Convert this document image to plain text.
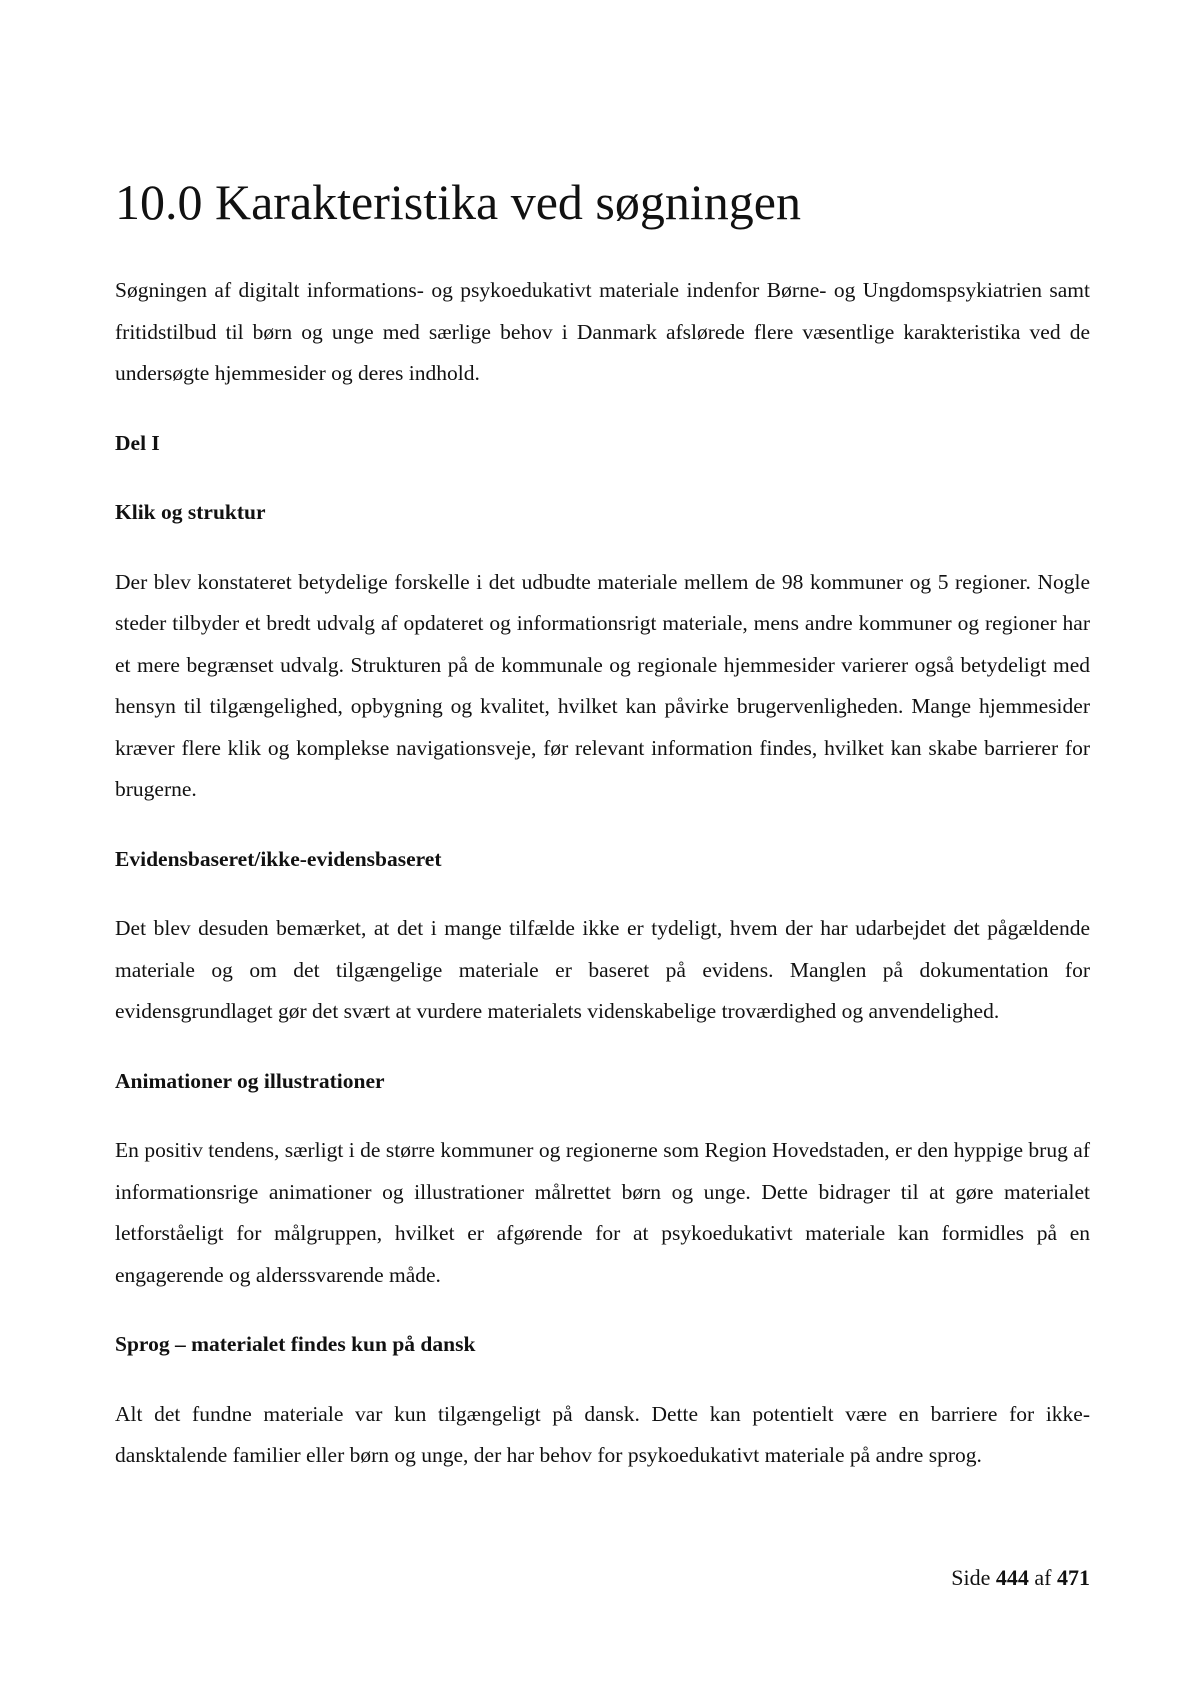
10.0 Karakteristika ved søgningen

Søgningen af digitalt informations- og psykoedukativt materiale indenfor Børne- og Ungdomspsykiatrien samt fritidstilbud til børn og unge med særlige behov i Danmark afslørede flere væsentlige karakteristika ved de undersøgte hjemmesider og deres indhold.

Del I

Klik og struktur

Der blev konstateret betydelige forskelle i det udbudte materiale mellem de 98 kommuner og 5 regioner. Nogle steder tilbyder et bredt udvalg af opdateret og informationsrigt materiale, mens andre kommuner og regioner har et mere begrænset udvalg. Strukturen på de kommunale og regionale hjemmesider varierer også betydeligt med hensyn til tilgængelighed, opbygning og kvalitet, hvilket kan påvirke brugervenligheden. Mange hjemmesider kræver flere klik og komplekse navigationsveje, før relevant information findes, hvilket kan skabe barrierer for brugerne.

Evidensbaseret/ikke-evidensbaseret

Det blev desuden bemærket, at det i mange tilfælde ikke er tydeligt, hvem der har udarbejdet det pågældende materiale og om det tilgængelige materiale er baseret på evidens. Manglen på dokumentation for evidensgrundlaget gør det svært at vurdere materialets videnskabelige troværdighed og anvendelighed.

Animationer og illustrationer

En positiv tendens, særligt i de større kommuner og regionerne som Region Hovedstaden, er den hyppige brug af informationsrige animationer og illustrationer målrettet børn og unge. Dette bidrager til at gøre materialet letforståeligt for målgruppen, hvilket er afgørende for at psykoedukativt materiale kan formidles på en engagerende og alderssvarende måde.

Sprog – materialet findes kun på dansk

Alt det fundne materiale var kun tilgængeligt på dansk. Dette kan potentielt være en barriere for ikke-dansktalende familier eller børn og unge, der har behov for psykoedukativt materiale på andre sprog.

Side 444 af 471
